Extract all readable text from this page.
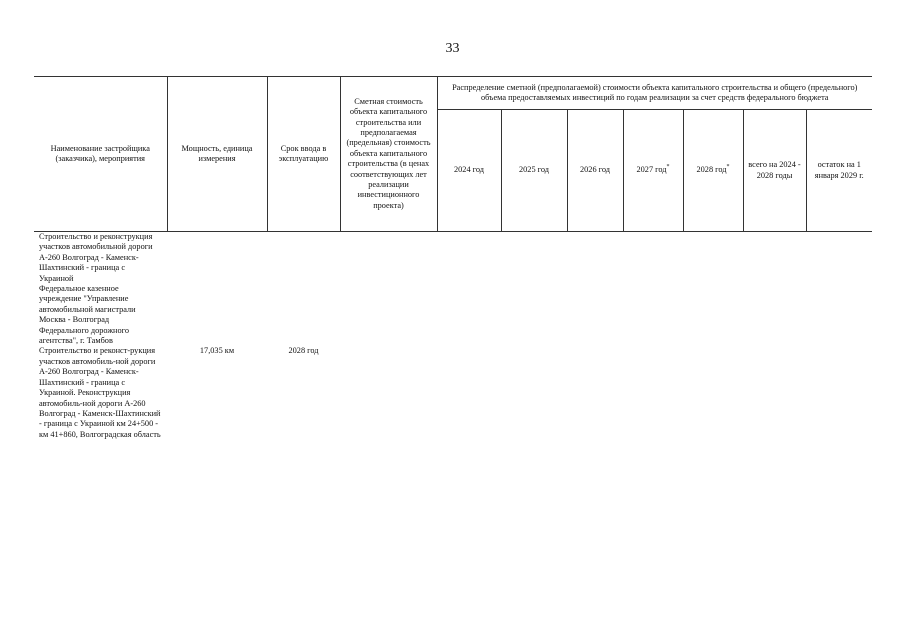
33
Наименование застройщика (заказчика), мероприятия	Мощность, единица измерения	Срок ввода в эксплуатацию	Сметная стоимость объекта капитального строительства или предполагаемая (предельная) стоимость объекта капитального строительства (в ценах соответствующих лет реализации инвестиционного проекта)	Распределение сметной (предполагаемой) стоимости объекта капитального строительства и общего (предельного) объема предоставляемых инвестиций по годам реализации за счет средств федерального бюджета						
				2024 год	2025 год	2026 год	2027 год*	2028 год*	всего на 2024 - 2028 годы	остаток на 1 января 2029 г.

Строительство и реконструкция участков автомобильной дороги А-260 Волгоград - Каменск-Шахтинский - граница с Украиной										

Федеральное казенное учреждение "Управление автомобильной магистрали Москва - Волгоград Федерального дорожного агентства", г. Тамбов										

Строительство и реконст-рукция участков автомобиль-ной дороги А-260 Волгоград - Каменск-Шахтинский - граница с Украиной. Реконструкция автомобиль-ной дороги А-260 Волгоград - Каменск-Шахтинский - граница с Украиной км 24+500 - км 41+860, Волгоградская область	17,035 км	2028 год								
